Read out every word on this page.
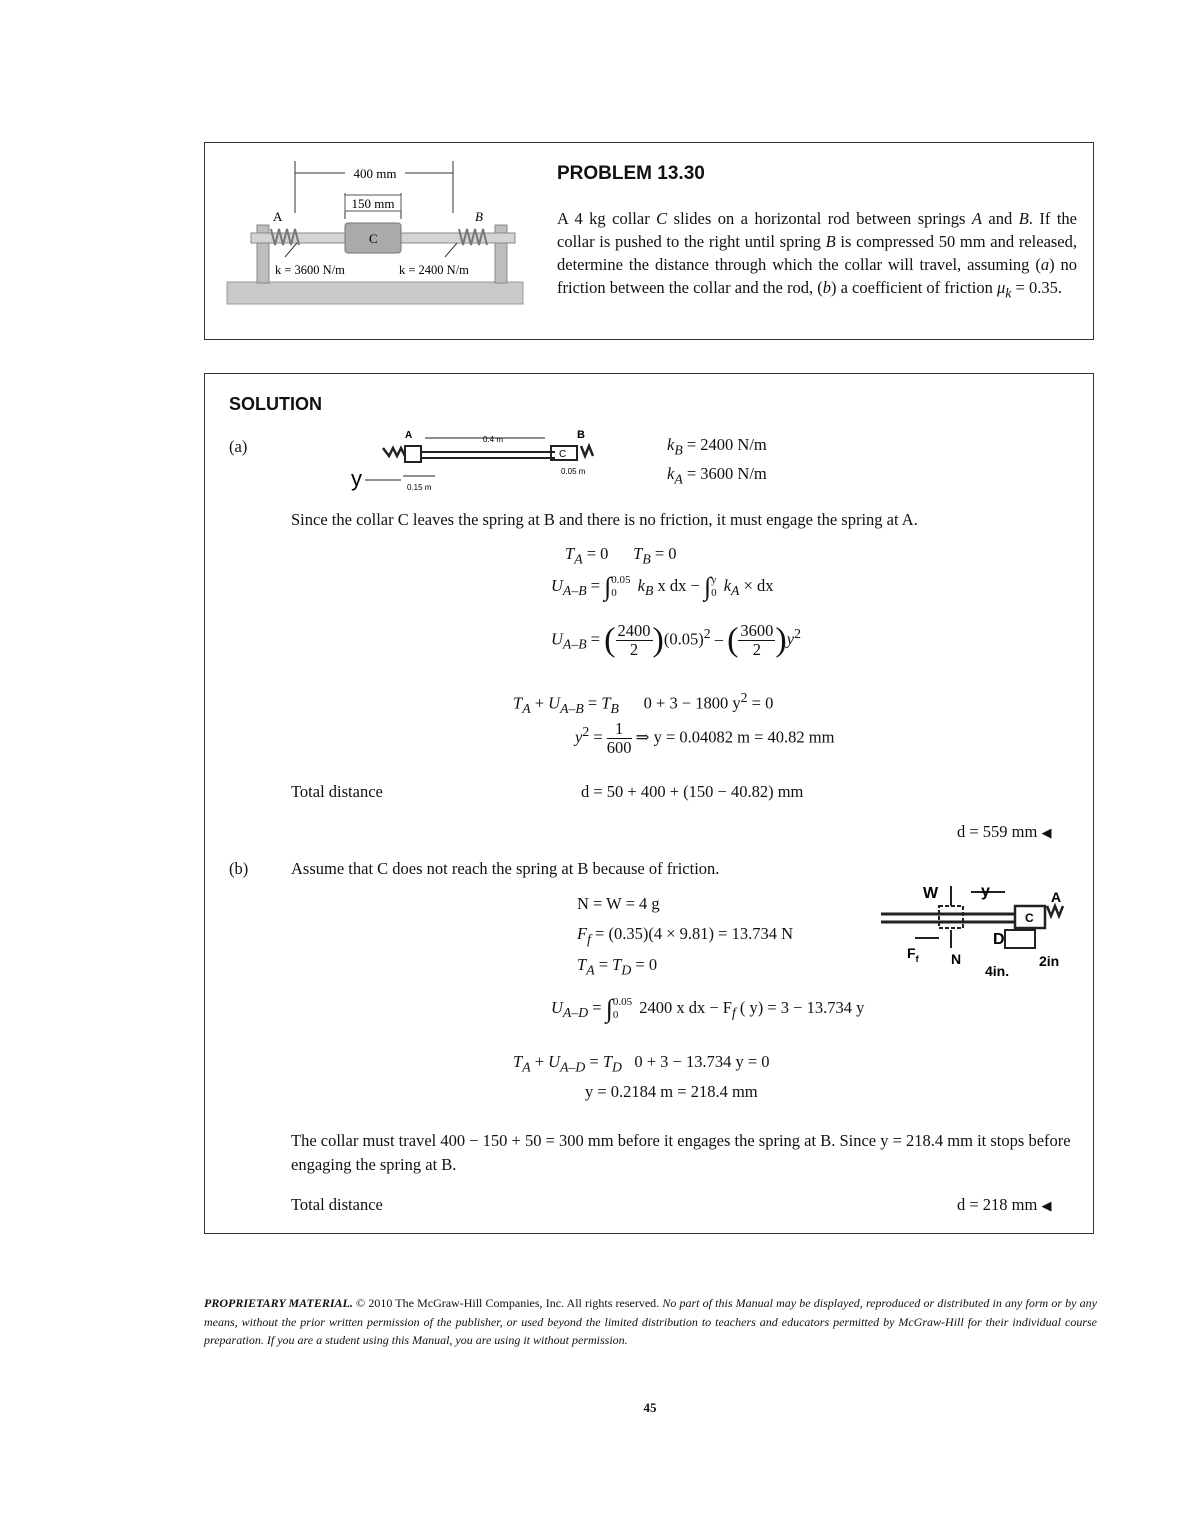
400 mm
150 mm
A	B
C
k = 3600 N/m	k = 2400 N/m
PROBLEM 13.30
A 4 kg collar C slides on a horizontal rod between springs A and B. If the collar is pushed to the right until spring B is compressed 50 mm and released, determine the distance through which the collar will travel, assuming (a) no friction between the collar and the rod, (b) a coefficient of friction $\mu_k = 0.35$.
SOLUTION
(a)
A	B
C
0.4 m
0.05 m
y	0.15 m
$k_B = 2400$ N/m
$k_A = 3600$ N/m
Since the collar C leaves the spring at B and there is no friction, it must engage the spring at A.
$T_A = 0$ $T_B = 0$
$U_{A-B} = \int 0.05$
0 $k_B$ x dx − ∫y
0 $k_A$ × dx
$U_{A-B}$ = ( $\frac{2400}{2} )(0.05)^2$ – ( $\frac{3600}{2} )y^2$
$T_A + U_{A-B} = T_B$ 0 + 3 − 1800 $y^2 = 0$
$y^2 = \frac{1}{600}$ ⇒ y = 0.04082 m = 40.82 mm
Total distance	d = 50 + 400 + (150 − 40.82) mm
d = 559 mm ◀
(b)	Assume that C does not reach the spring at B because of friction.
N = W = 4 g
$F_f = (0.35)(4 \times 9.81) = 13.734$ N
$T_A = T_D = 0$
W	y	A
C
D
N
$F_f$
4in.
2in
$U_{A-D} = \int 0.05$
0 2400 x dx − $F_f$ ( y) = 3 − 13.734 y
$T_A + U_{A-D} = T_D$ 0 + 3 − 13.734 y = 0
y = 0.2184 m = 218.4 mm
The collar must travel 400 − 150 + 50 = 300 mm before it engages the spring at B. Since y = 218.4 mm it stops before engaging the spring at B.
Total distance	d = 218 mm ◀
PROPRIETARY MATERIAL. © 2010 The McGraw-Hill Companies, Inc. All rights reserved. No part of this Manual may be displayed, reproduced or distributed in any form or by any means, without the prior written permission of the publisher, or used beyond the limited distribution to teachers and educators permitted by McGraw-Hill for their individual course preparation. If you are a student using this Manual, you are using it without permission.
45
